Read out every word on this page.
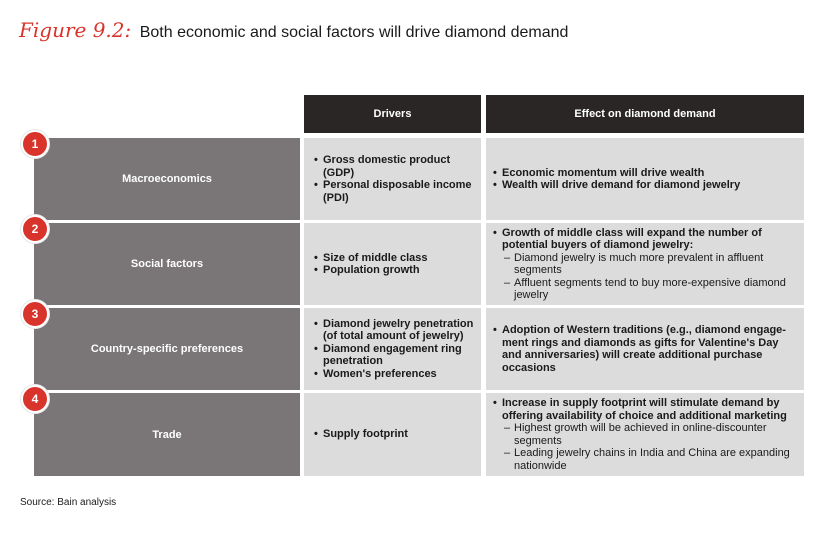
Figure 9.2: Both economic and social factors will drive diamond demand
Drivers	Effect on diamond demand
Macroeconomics
• Gross domestic product (GDP)
• Personal disposable income (PDI)
• Economic momentum will drive wealth
• Wealth will drive demand for diamond jewelry
1
Social factors
• Size of middle class
• Population growth
• Growth of middle class will expand the number of potential buyers of diamond jewelry:
– Diamond jewelry is much more prevalent in affluent segments
– Affluent segments tend to buy more-expensive diamond jewelry
2
Country-specific preferences
• Diamond jewelry penetration (of total amount of jewelry)
• Diamond engagement ring penetration
• Women's preferences
• Adoption of Western traditions (e.g., diamond engage-ment rings and diamonds as gifts for Valentine's Day and anniversaries) will create additional purchase occasions
3
Trade
•	Supply footprint
• Increase in supply footprint will stimulate demand by offering availability of choice and additional marketing
– Highest growth will be achieved in online-discounter segments
– Leading jewelry chains in India and China are expanding nationwide
4
Source: Bain analysis
